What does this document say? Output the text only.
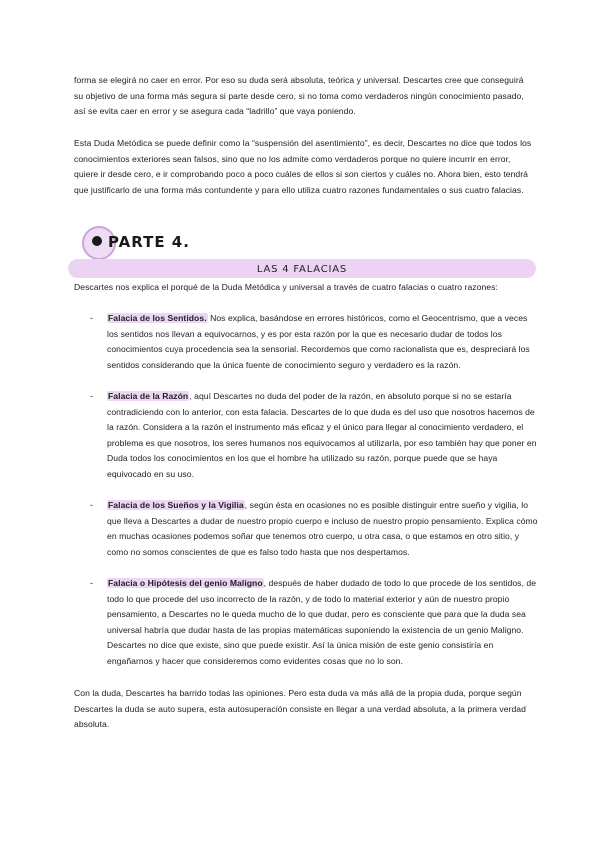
forma se elegirá no caer en error. Por eso su duda será absoluta, teórica y universal. Descartes cree que conseguirá su objetivo de una forma más segura si parte desde cero, si no toma como verdaderos ningún conocimiento pasado, así se evita caer en error y se asegura cada “ladrillo” que vaya poniendo.

Esta Duda Metódica se puede definir como la “suspensión del asentimiento”, es decir, Descartes no dice que todos los conocimientos exteriores sean falsos, sino que no los admite como verdaderos porque no quiere incurrir en error, quiere ir desde cero, e ir comprobando poco a poco cuáles de ellos si son ciertos y cuáles no. Ahora bien, esto tendrá que justificarlo de una forma más contundente y para ello utiliza cuatro razones fundamentales o sus cuatro falacias.

PARTE 4.
LAS 4 FALACIAS

Descartes nos explica el porqué de la Duda Metódica y universal a través de cuatro falacias o cuatro razones:

- Falacia de los Sentidos. Nos explica, basándose en errores históricos, como el Geocentrismo, que a veces los sentidos nos llevan a equivocarnos, y es por esta razón por la que es necesario dudar de todos los conocimientos cuya procedencia sea la sensorial. Recordemos que como racionalista que es, despreciará los sentidos considerando que la única fuente de conocimiento seguro y verdadero es la razón.

- Falacia de la Razón, aquí Descartes no duda del poder de la razón, en absoluto porque si no se estaría contradiciendo con lo anterior, con esta falacia. Descartes de lo que duda es del uso que nosotros hacemos de la razón. Considera a la razón el instrumento más eficaz y el único para llegar al conocimiento verdadero, el problema es que nosotros, los seres humanos nos equivocamos al utilizarla, por eso también hay que poner en Duda todos los conocimientos en los que el hombre ha utilizado su razón, porque puede que se haya equivocado en su uso.

- Falacia de los Sueños y la Vigilia, según ésta en ocasiones no es posible distinguir entre sueño y vigilia, lo que lleva a Descartes a dudar de nuestro propio cuerpo e incluso de nuestro propio pensamiento. Explica cómo en muchas ocasiones podemos soñar que tenemos otro cuerpo, u otra casa, o que estamos en otro sitio, y como no somos conscientes de que es falso todo hasta que nos despertamos.

- Falacia o Hipótesis del genio Maligno, después de haber dudado de todo lo que procede de los sentidos, de todo lo que procede del uso incorrecto de la razón, y de todo lo material exterior y aún de nuestro propio pensamiento, a Descartes no le queda mucho de lo que dudar, pero es consciente que para que la duda sea universal habría que dudar hasta de las propias matemáticas suponiendo la existencia de un genio Maligno. Descartes no dice que existe, sino que puede existir. Así la única misión de este genio consistiría en engañarnos y hacer que consideremos como evidentes cosas que no lo son.

Con la duda, Descartes ha barrido todas las opiniones. Pero esta duda va más allá de la propia duda, porque según Descartes la duda se auto supera, esta autosuperación consiste en llegar a una verdad absoluta, a la primera verdad absoluta.
